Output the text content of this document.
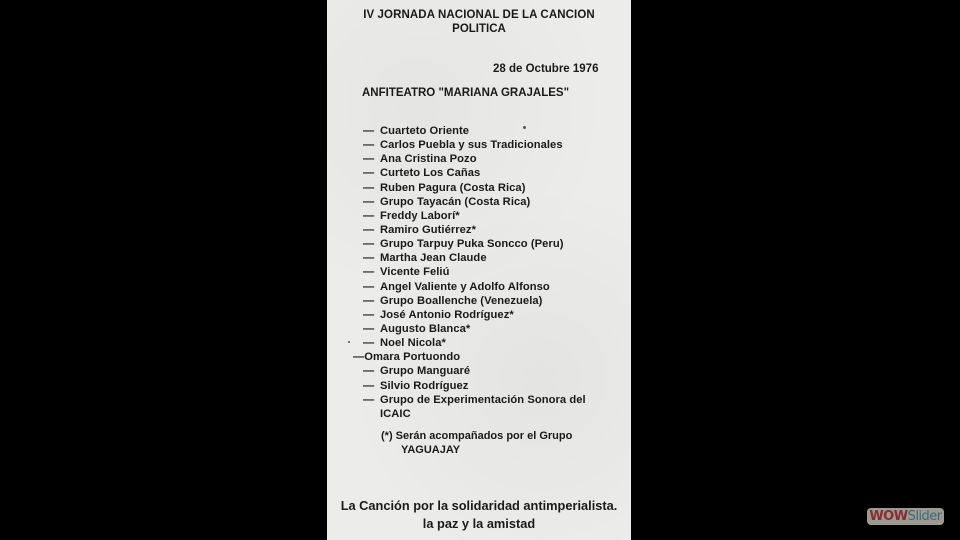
IV JORNADA NACIONAL DE LA CANCION
POLITICA
28 de Octubre 1976
ANFITEATRO "MARIANA GRAJALES"
— Cuarteto Oriente
— Carlos Puebla y sus Tradicionales
— Ana Cristina Pozo
— Curteto Los Cañas
— Ruben Pagura (Costa Rica)
— Grupo Tayacán (Costa Rica)
— Freddy Laborí*
— Ramiro Gutiérrez*
— Grupo Tarpuy Puka Soncco (Peru)
— Martha Jean Claude
— Vicente Feliú
— Angel Valiente y Adolfo Alfonso
— Grupo Boallenche (Venezuela)
— José Antonio Rodríguez*
— Augusto Blanca*
— Noel Nicola*
—Omara Portuondo
— Grupo Manguaré
— Silvio Rodríguez
— Grupo de Experimentación Sonora del
ICAIC
(*) Serán acompañados por el Grupo
YAGUAJAY
La Canción por la solidaridad antimperialista.
la paz y la amistad	WOWSlider
